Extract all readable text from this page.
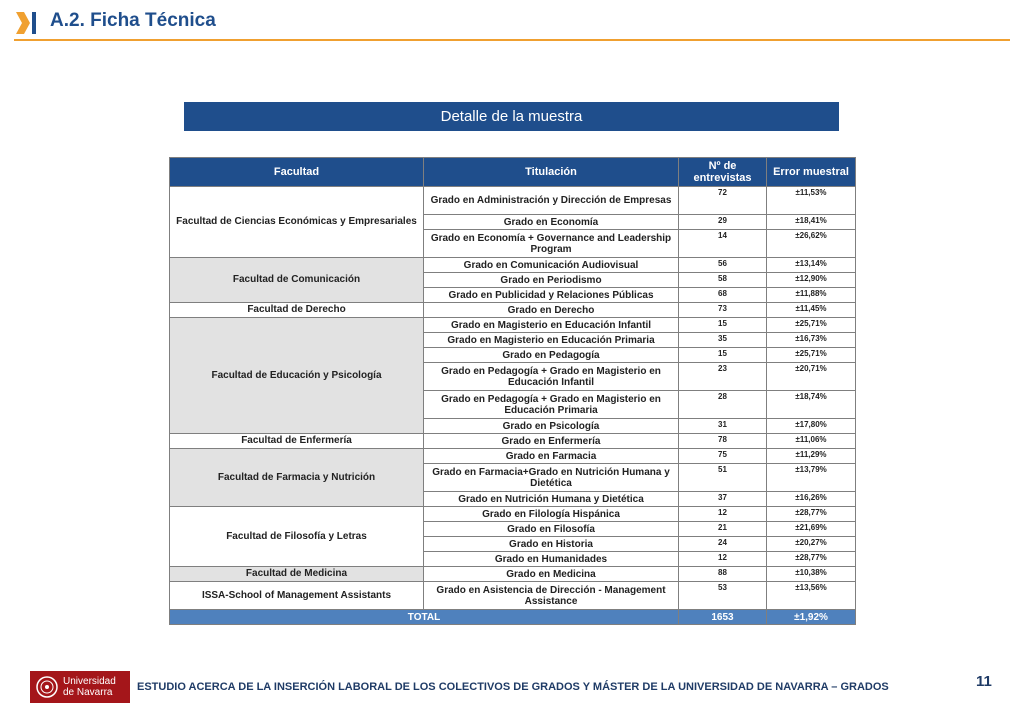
A.2. Ficha Técnica
Detalle de la muestra
Facultad	Titulación	Nº de entrevistas	Error muestral
Facultad de Ciencias Económicas y Empresariales	Grado en Administración y Dirección de Empresas	72	±11,53%
	Grado en Economía	29	±18,41%
	Grado en Economía + Governance and Leadership Program	14	±26,62%
Facultad de Comunicación	Grado en Comunicación Audiovisual	56	±13,14%
	Grado en Periodismo	58	±12,90%
	Grado en Publicidad y Relaciones Públicas	68	±11,88%
Facultad de Derecho	Grado en Derecho	73	±11,45%
Facultad de Educación y Psicología	Grado en Magisterio en Educación Infantil	15	±25,71%
	Grado en Magisterio en Educación Primaria	35	±16,73%
	Grado en Pedagogía	15	±25,71%
	Grado en Pedagogía + Grado en Magisterio en Educación Infantil	23	±20,71%
	Grado en Pedagogía + Grado en Magisterio en Educación Primaria	28	±18,74%
	Grado en Psicología	31	±17,80%
Facultad de Enfermería	Grado en Enfermería	78	±11,06%
Facultad de Farmacia y Nutrición	Grado en Farmacia	75	±11,29%
	Grado en Farmacia+Grado en Nutrición Humana y Dietética	51	±13,79%
	Grado en Nutrición Humana y Dietética	37	±16,26%
Facultad de Filosofía y Letras	Grado en Filología Hispánica	12	±28,77%
	Grado en Filosofía	21	±21,69%
	Grado en Historia	24	±20,27%
	Grado en Humanidades	12	±28,77%
Facultad de Medicina	Grado en Medicina	88	±10,38%
ISSA-School of Management Assistants	Grado en Asistencia de Dirección - Management Assistance	53	±13,56%
TOTAL		1653	±1,92%
Universidad
de Navarra	ESTUDIO ACERCA DE LA INSERCIÓN LABORAL DE LOS COLECTIVOS DE GRADOS Y MÁSTER DE LA UNIVERSIDAD DE NAVARRA – GRADOS	11
